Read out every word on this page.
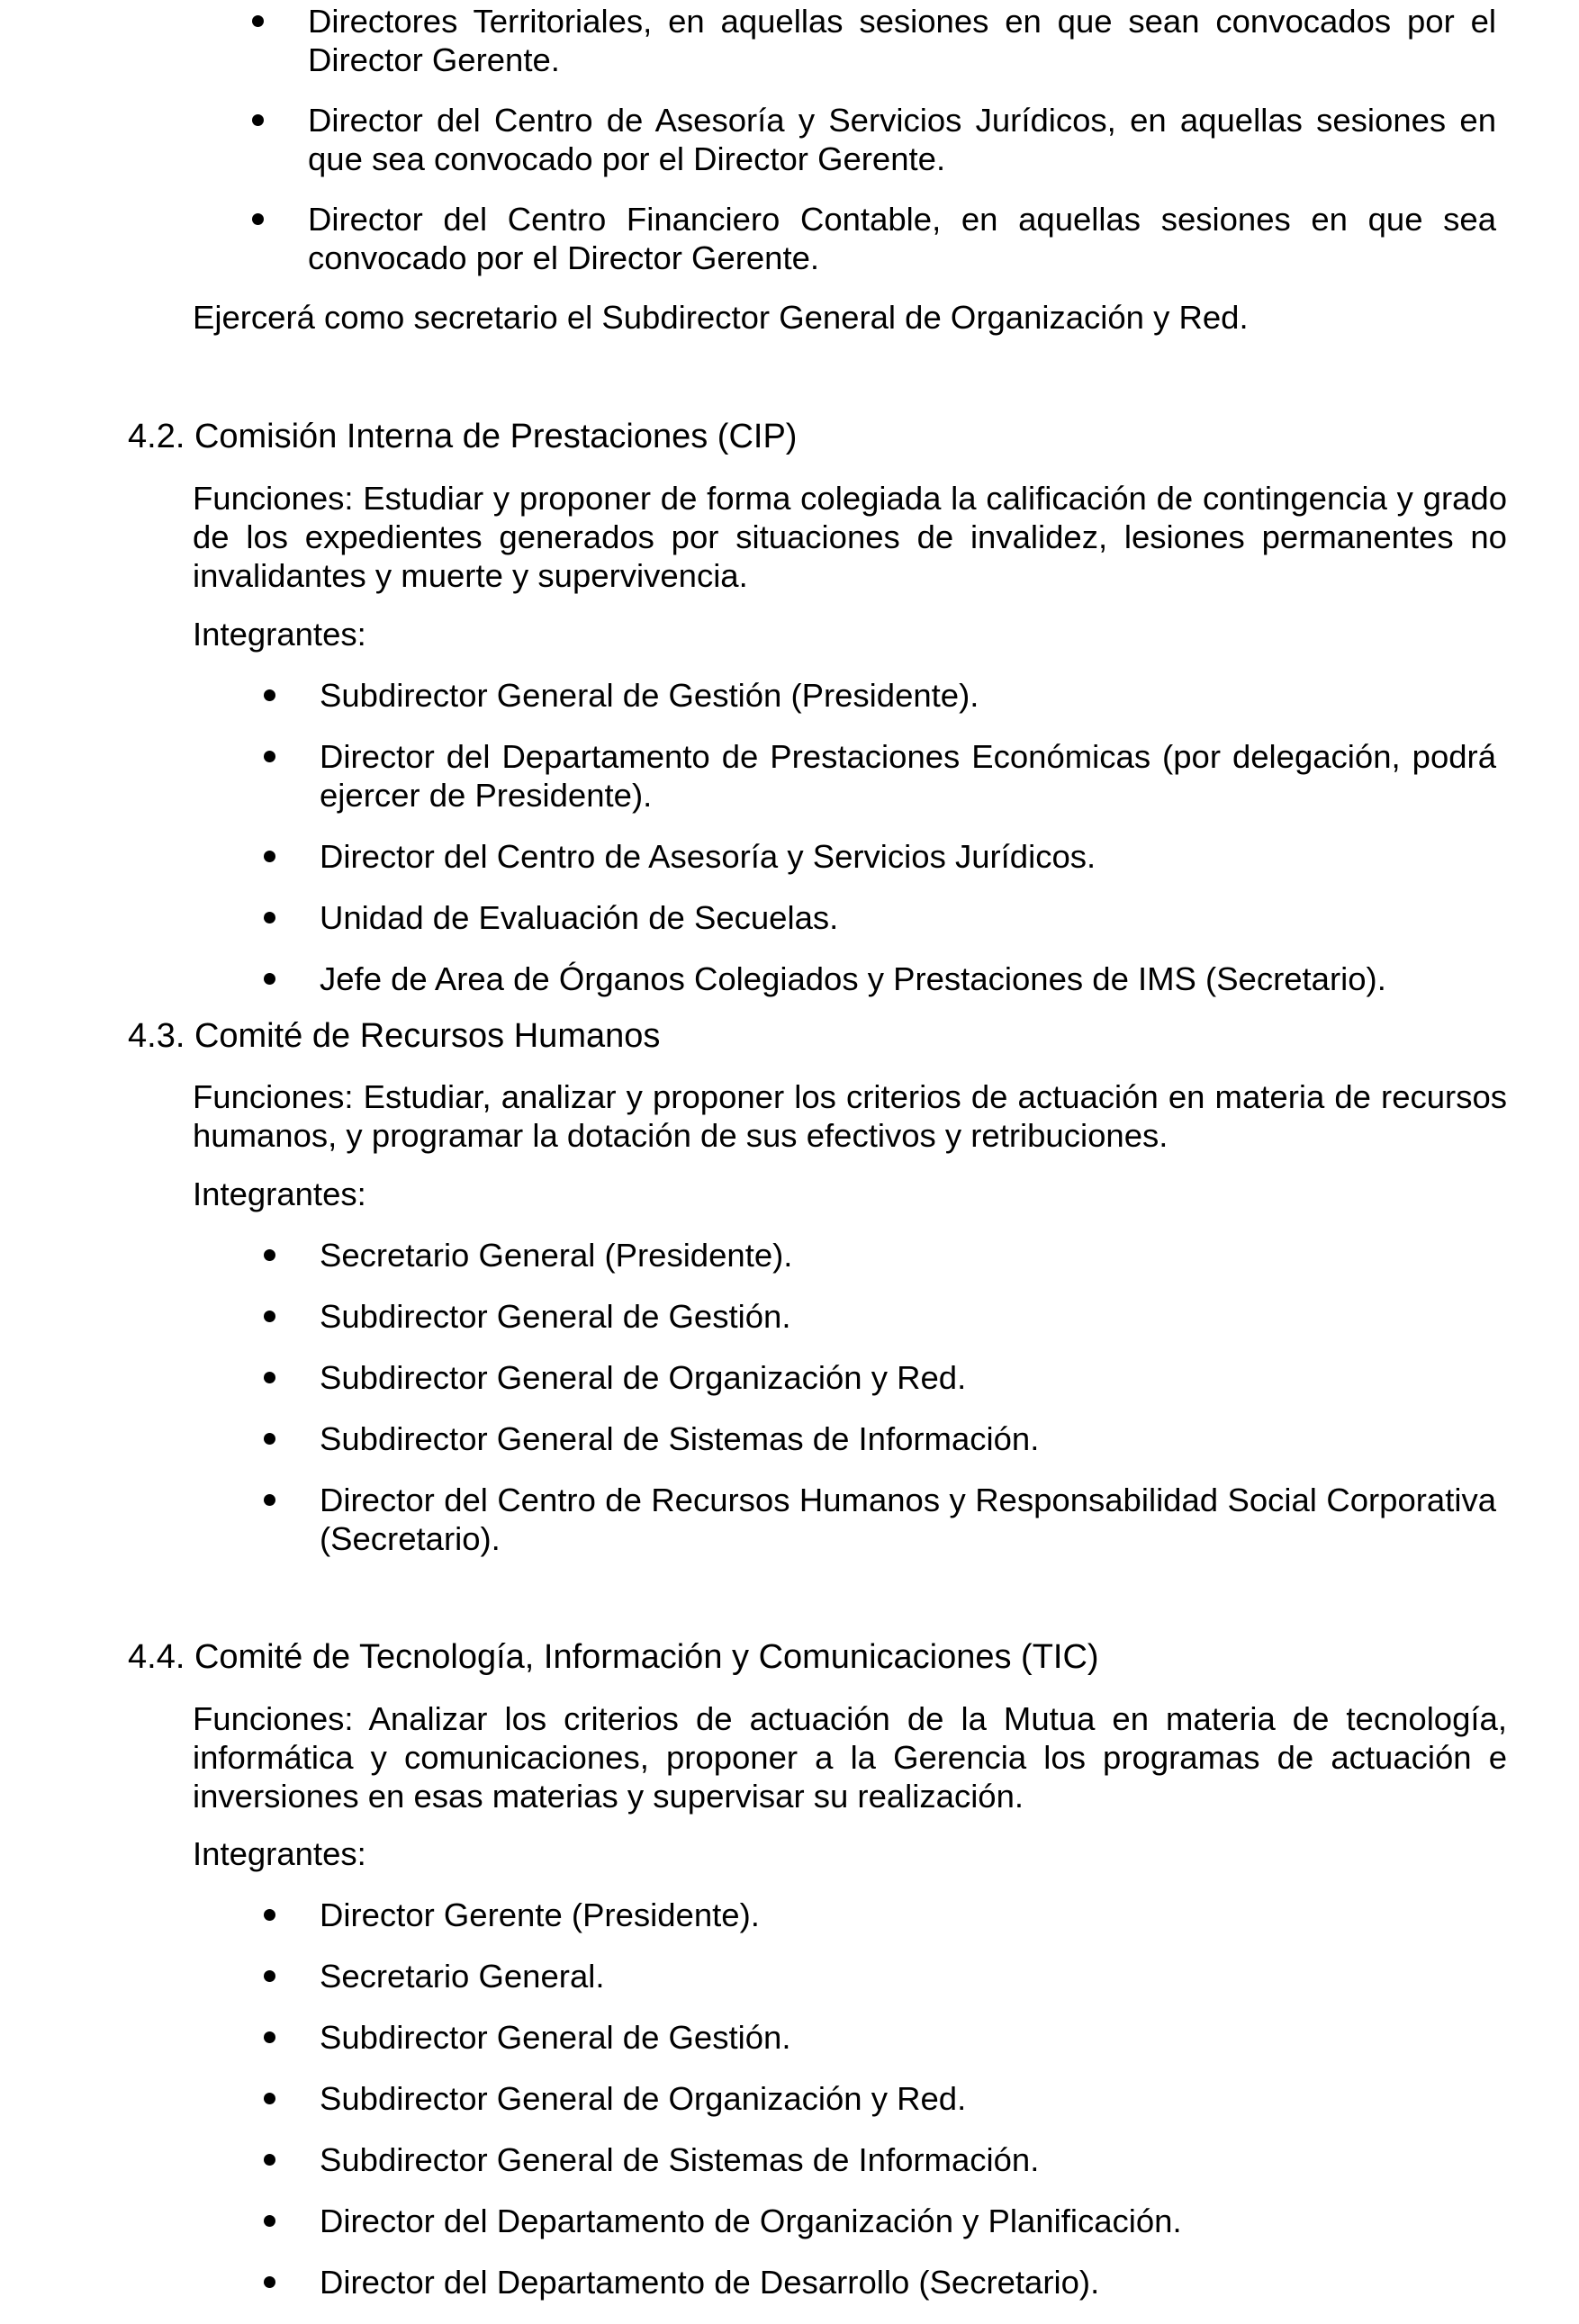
Directores Territoriales, en aquellas sesiones en que sean convocados por el Director Gerente.
Director del Centro de Asesoría y Servicios Jurídicos, en aquellas sesiones en que sea convocado por el Director Gerente.
Director del Centro Financiero Contable, en aquellas sesiones en que sea convocado por el Director Gerente.

Ejercerá como secretario el Subdirector General de Organización y Red.

4.2. Comisión Interna de Prestaciones (CIP)

Funciones: Estudiar y proponer de forma colegiada la calificación de contingencia y grado de los expedientes generados por situaciones de invalidez, lesiones permanentes no invalidantes y muerte y supervivencia.

Integrantes:

Subdirector General de Gestión (Presidente).
Director del Departamento de Prestaciones Económicas (por delegación, podrá ejercer de Presidente).
Director del Centro de Asesoría y Servicios Jurídicos.
Unidad de Evaluación de Secuelas.
Jefe de Area de Órganos Colegiados y Prestaciones de IMS (Secretario).
4.3. Comité de Recursos Humanos

Funciones: Estudiar, analizar y proponer los criterios de actuación en materia de recursos humanos, y programar la dotación de sus efectivos y retribuciones.

Integrantes:

Secretario General (Presidente).
Subdirector General de Gestión.
Subdirector General de Organización y Red.
Subdirector General de Sistemas de Información.
Director del Centro de Recursos Humanos y Responsabilidad Social Corporativa (Secretario).
4.4. Comité de Tecnología, Información y Comunicaciones (TIC)

Funciones: Analizar los criterios de actuación de la Mutua en materia de tecnología, informática y comunicaciones, proponer a la Gerencia los programas de actuación e inversiones en esas materias y supervisar su realización.

Integrantes:

Director Gerente (Presidente).
Secretario General.
Subdirector General de Gestión.
Subdirector General de Organización y Red.
Subdirector General de Sistemas de Información.
Director del Departamento de Organización y Planificación.
Director del Departamento de Desarrollo (Secretario).
